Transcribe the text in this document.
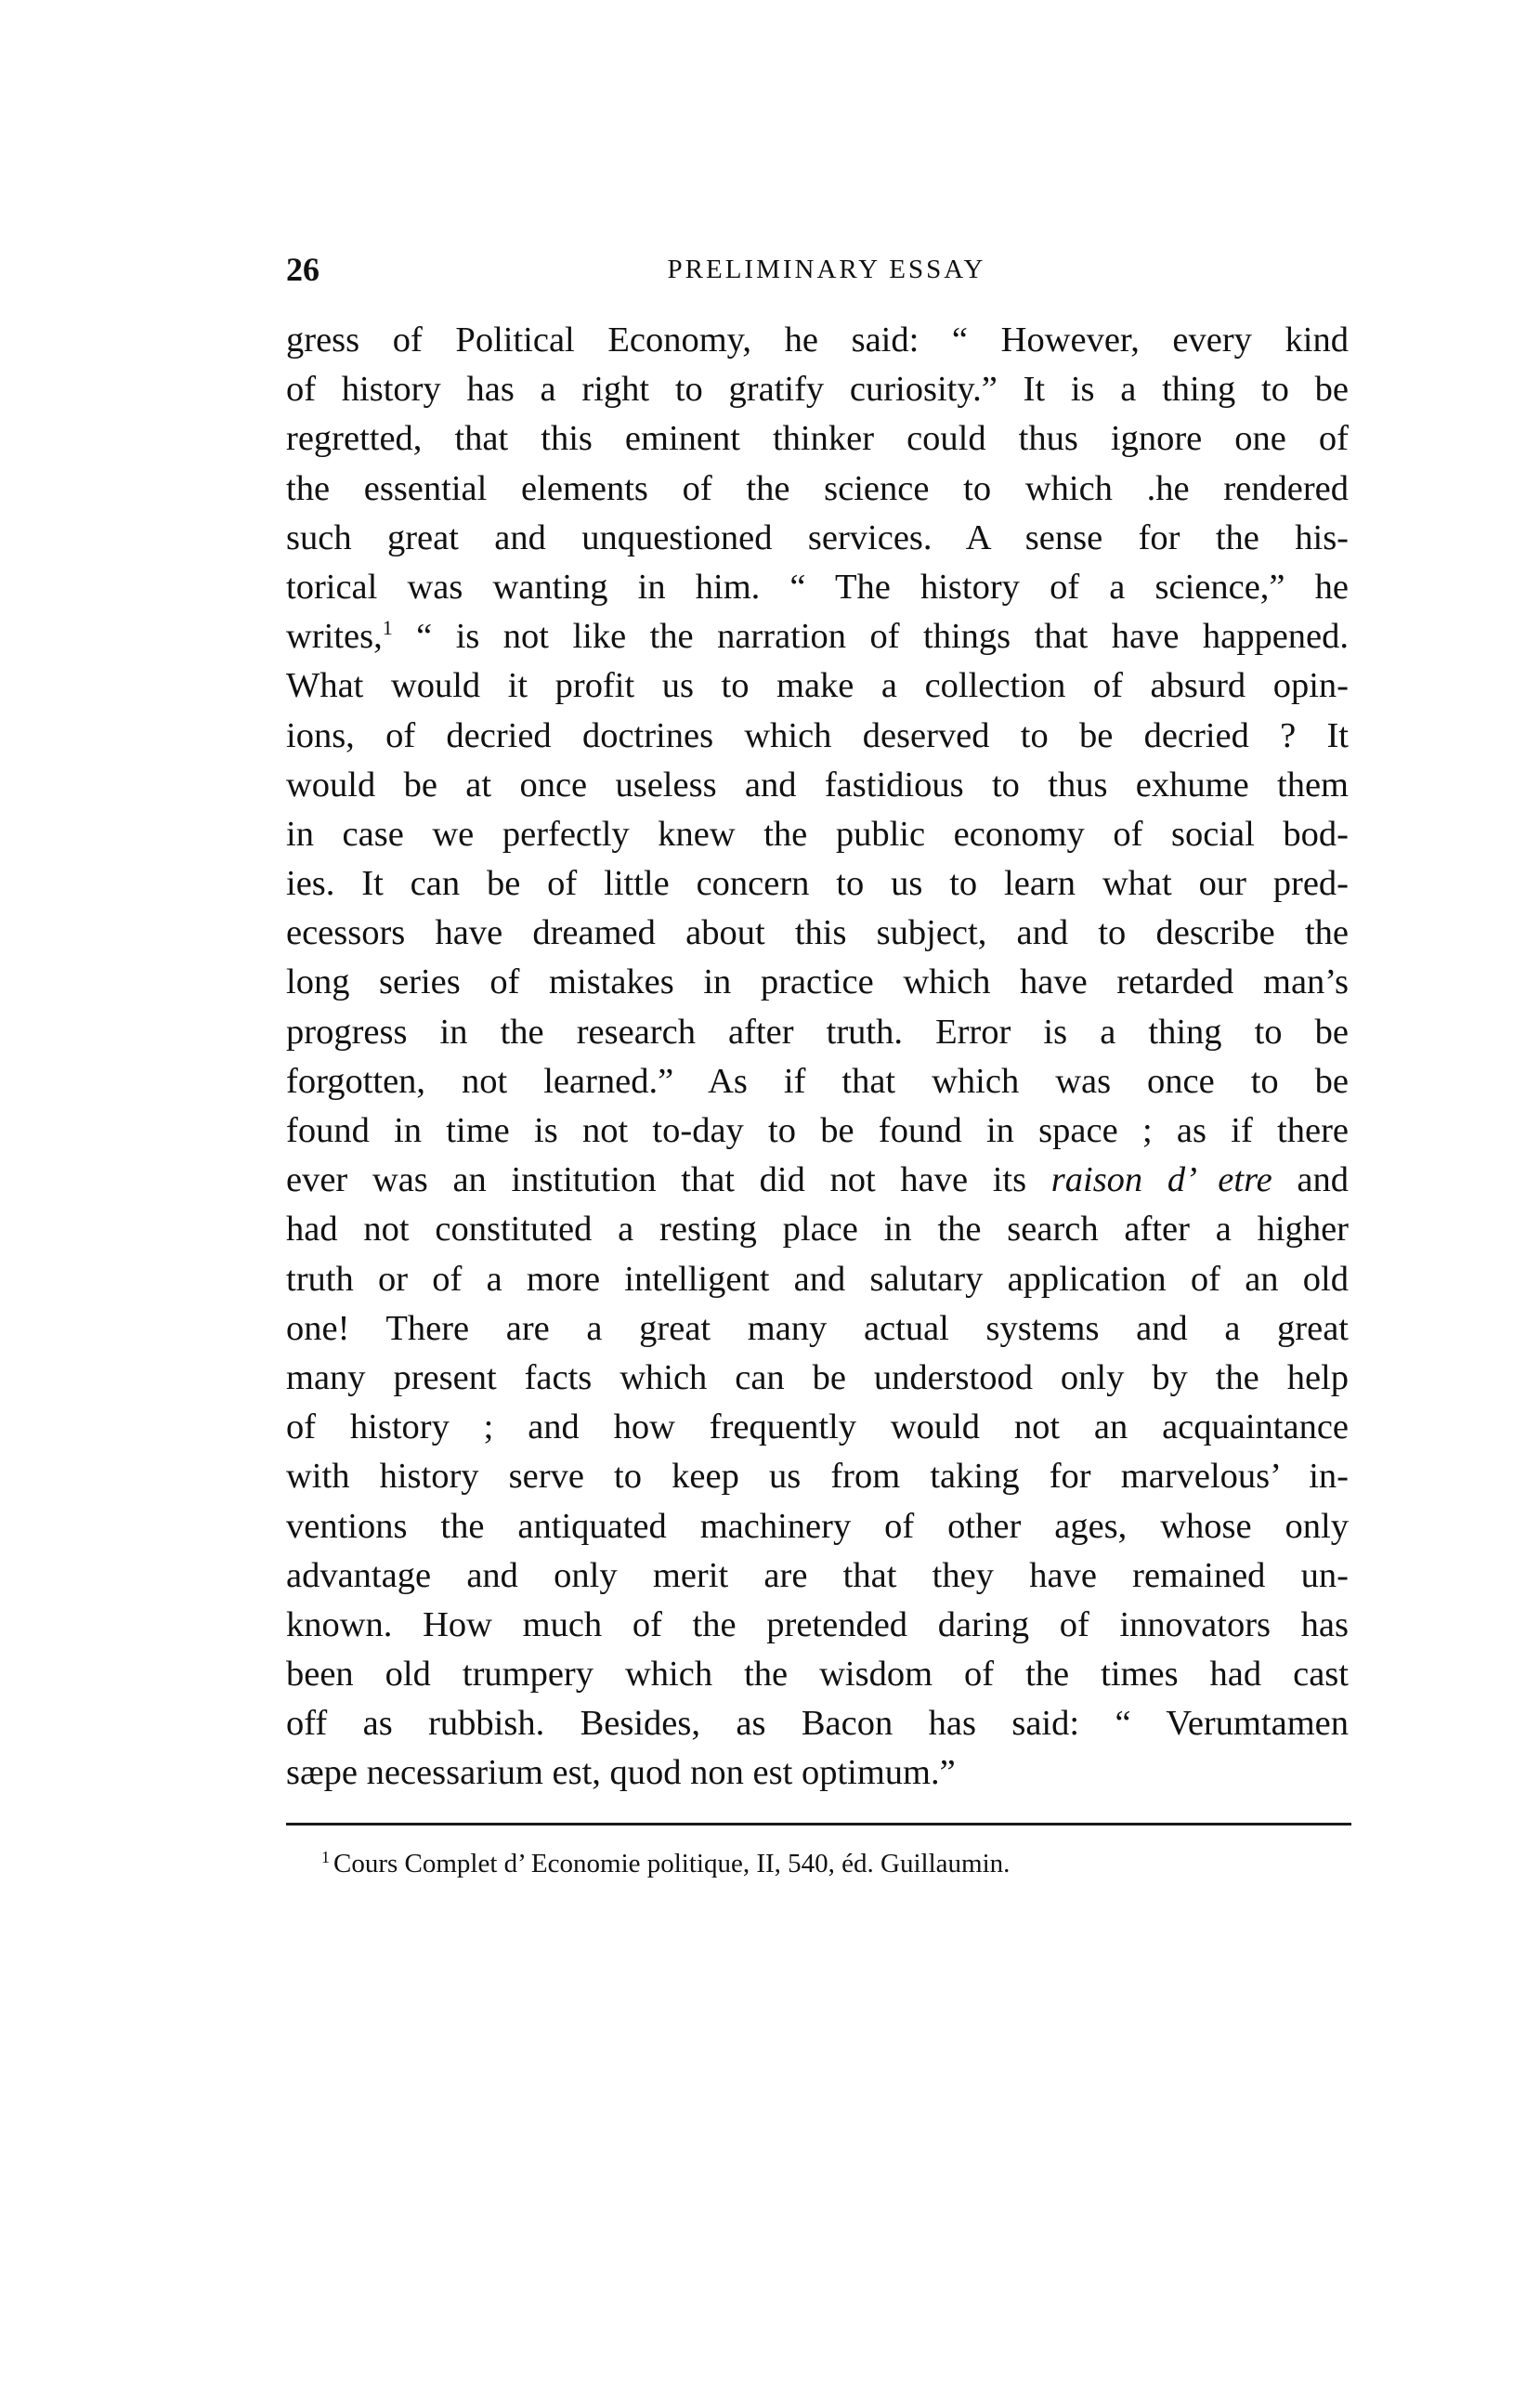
26	PRELIMINARY ESSAY
gress of Political Economy, he said: “ However, every kind
of history has a right to gratify curiosity.” It is a thing to be
regretted, that this eminent thinker could thus ignore one of
the essential elements of the science to which .he rendered
such great and unquestioned services. A sense for the his-
torical was wanting in him. “ The history of a science,” he
writes,$^1$ “ is not like the narration of things that have happened.
What would it profit us to make a collection of absurd opin-
ions, of decried doctrines which deserved to be decried ? It
would be at once useless and fastidious to thus exhume them
in case we perfectly knew the public economy of social bod-
ies. It can be of little concern to us to learn what our pred-
ecessors have dreamed about this subject, and to describe the
long series of mistakes in practice which have retarded man’s
progress in the research after truth. Error is a thing to be
forgotten, not learned.” As if that which was once to be
found in time is not to-day to be found in space ; as if there
ever was an institution that did not have its raison d’ etre and
had not constituted a resting place in the search after a higher
truth or of a more intelligent and salutary application of an old
one! There are a great many actual systems and a great
many present facts which can be understood only by the help
of history ; and how frequently would not an acquaintance
with history serve to keep us from taking for marvelous’ in-
ventions the antiquated machinery of other ages, whose only
advantage and only merit are that they have remained un-
known. How much of the pretended daring of innovators has
been old trumpery which the wisdom of the times had cast
off as rubbish. Besides, as Bacon has said: “ Verumtamen
sæpe necessarium est, quod non est optimum.”
$^1$ Cours Complet d’ Economie politique, II, 540, éd. Guillaumin.
